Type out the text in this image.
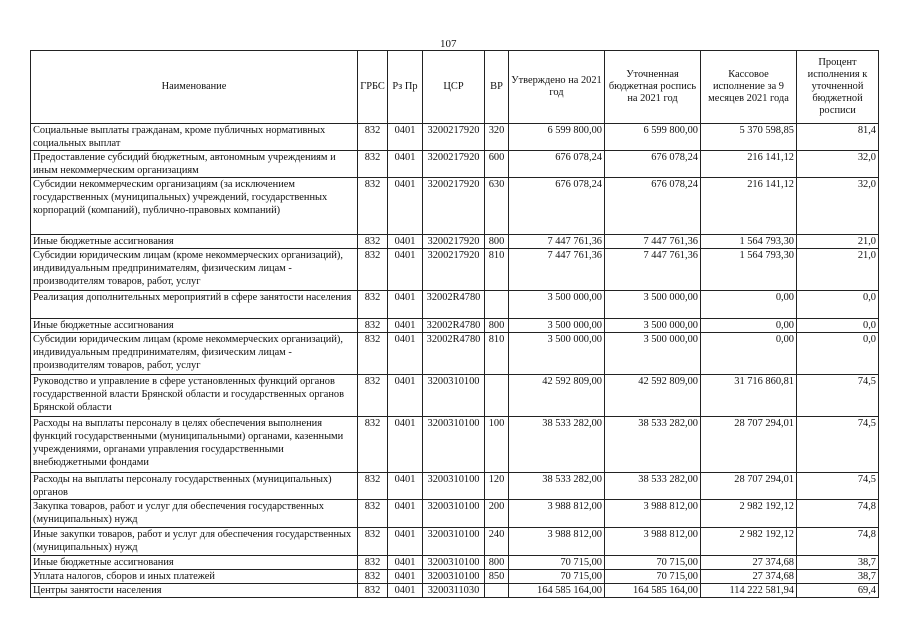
107
Наименование	ГРБС	Рз Пр	ЦСР	ВР	Утверждено на 2021 год	Уточненная бюджетная роспись на 2021 год	Кассовое исполнение за 9 месяцев 2021 года	Процент исполнения к уточненной бюджетной росписи
Социальные выплаты гражданам, кроме публичных нормативных социальных выплат	832	0401	3200217920	320	6 599 800,00	6 599 800,00	5 370 598,85	81,4
Предоставление субсидий бюджетным, автономным учреждениям и иным некоммерческим организациям	832	0401	3200217920	600	676 078,24	676 078,24	216 141,12	32,0
Субсидии некоммерческим организациям (за исключением государственных (муниципальных) учреждений, государственных корпораций (компаний), публично-правовых компаний)	832	0401	3200217920	630	676 078,24	676 078,24	216 141,12	32,0
Иные бюджетные ассигнования	832	0401	3200217920	800	7 447 761,36	7 447 761,36	1 564 793,30	21,0
Субсидии юридическим лицам (кроме некоммерческих организаций), индивидуальным предпринимателям, физическим лицам - производителям товаров, работ, услуг	832	0401	3200217920	810	7 447 761,36	7 447 761,36	1 564 793,30	21,0
Реализация дополнительных мероприятий в сфере занятости населения	832	0401	32002R4780		3 500 000,00	3 500 000,00	0,00	0,0
Иные бюджетные ассигнования	832	0401	32002R4780	800	3 500 000,00	3 500 000,00	0,00	0,0
Субсидии юридическим лицам (кроме некоммерческих организаций), индивидуальным предпринимателям, физическим лицам - производителям товаров, работ, услуг	832	0401	32002R4780	810	3 500 000,00	3 500 000,00	0,00	0,0
Руководство и управление в сфере установленных функций органов государственной власти Брянской области и государственных органов Брянской области	832	0401	3200310100		42 592 809,00	42 592 809,00	31 716 860,81	74,5
Расходы на выплаты персоналу в целях обеспечения выполнения функций государственными (муниципальными) органами, казенными учреждениями, органами управления государственными внебюджетными фондами	832	0401	3200310100	100	38 533 282,00	38 533 282,00	28 707 294,01	74,5
Расходы на выплаты персоналу государственных (муниципальных) органов	832	0401	3200310100	120	38 533 282,00	38 533 282,00	28 707 294,01	74,5
Закупка товаров, работ и услуг для обеспечения государственных (муниципальных) нужд	832	0401	3200310100	200	3 988 812,00	3 988 812,00	2 982 192,12	74,8
Иные закупки товаров, работ и услуг для обеспечения государственных (муниципальных) нужд	832	0401	3200310100	240	3 988 812,00	3 988 812,00	2 982 192,12	74,8
Иные бюджетные ассигнования	832	0401	3200310100	800	70 715,00	70 715,00	27 374,68	38,7
Уплата налогов, сборов и иных платежей	832	0401	3200310100	850	70 715,00	70 715,00	27 374,68	38,7
Центры занятости населения	832	0401	3200311030		164 585 164,00	164 585 164,00	114 222 581,94	69,4
